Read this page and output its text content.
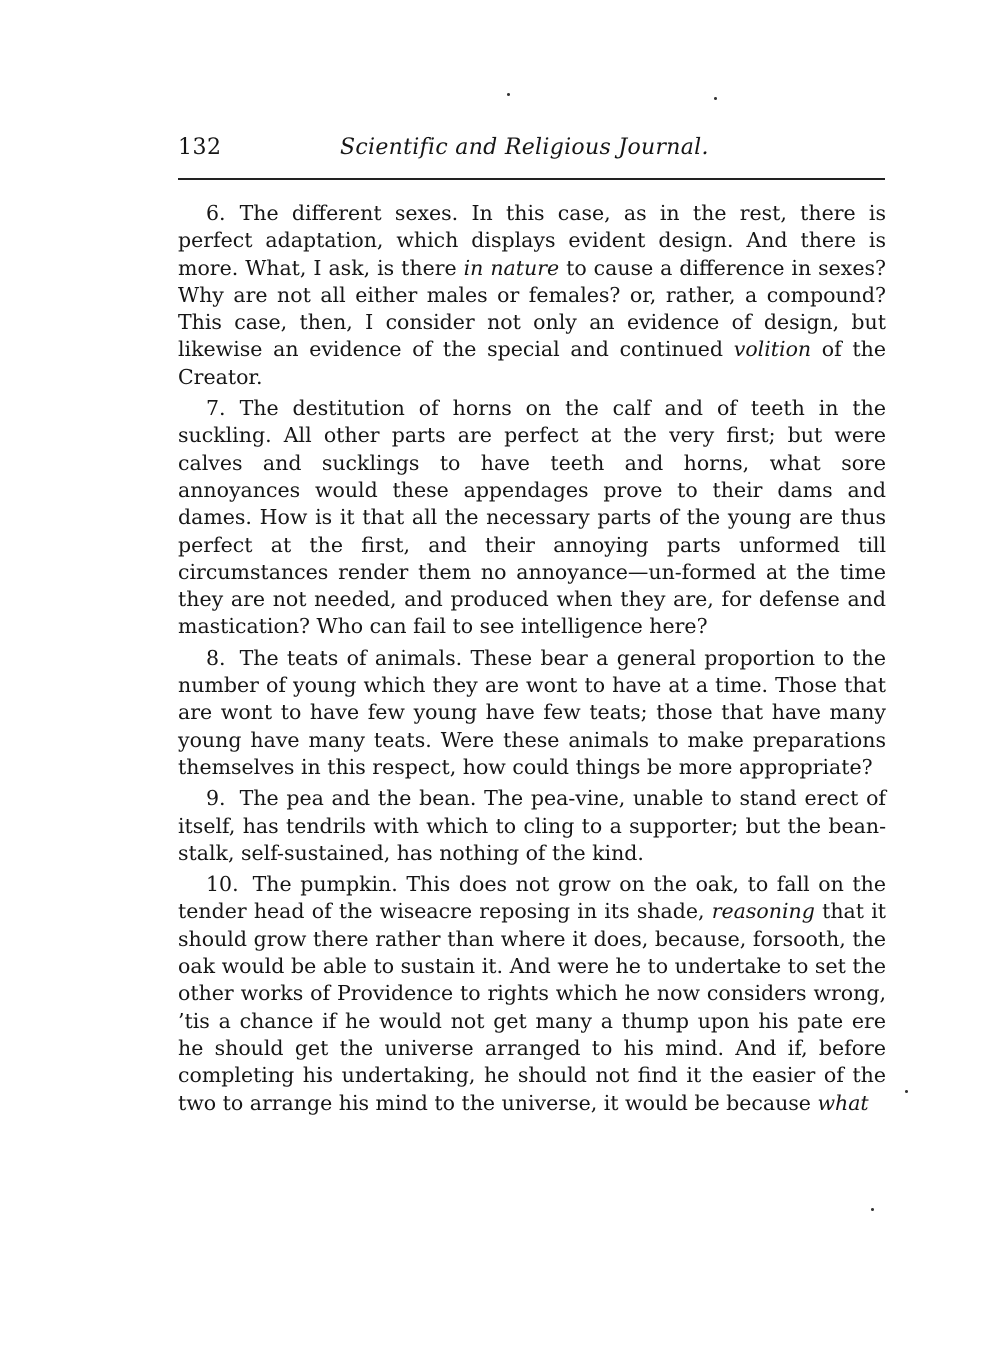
132	Scientific and Religious Journal.

6. The different sexes. In this case, as in the rest, there is perfect adaptation, which displays evident design. And there is more. What, I ask, is there in nature to cause a difference in sexes? Why are not all either males or females? or, rather, a compound? This case, then, I consider not only an evidence of design, but likewise an evidence of the special and continued volition of the Creator.

7. The destitution of horns on the calf and of teeth in the suckling. All other parts are perfect at the very first; but were calves and sucklings to have teeth and horns, what sore annoyances would these appendages prove to their dams and dames. How is it that all the necessary parts of the young are thus perfect at the first, and their annoying parts unformed till circumstances render them no annoyance—un-formed at the time they are not needed, and produced when they are, for defense and mastication? Who can fail to see intelligence here?

8. The teats of animals. These bear a general proportion to the number of young which they are wont to have at a time. Those that are wont to have few young have few teats; those that have many young have many teats. Were these animals to make preparations themselves in this respect, how could things be more appropriate?

9. The pea and the bean. The pea-vine, unable to stand erect of itself, has tendrils with which to cling to a supporter; but the bean-stalk, self-sustained, has nothing of the kind.

10. The pumpkin. This does not grow on the oak, to fall on the tender head of the wiseacre reposing in its shade, reasoning that it should grow there rather than where it does, because, forsooth, the oak would be able to sustain it. And were he to undertake to set the other works of Providence to rights which he now considers wrong, ’tis a chance if he would not get many a thump upon his pate ere he should get the universe arranged to his mind. And if, before completing his undertaking, he should not find it the easier of the two to arrange his mind to the universe, it would be because what
